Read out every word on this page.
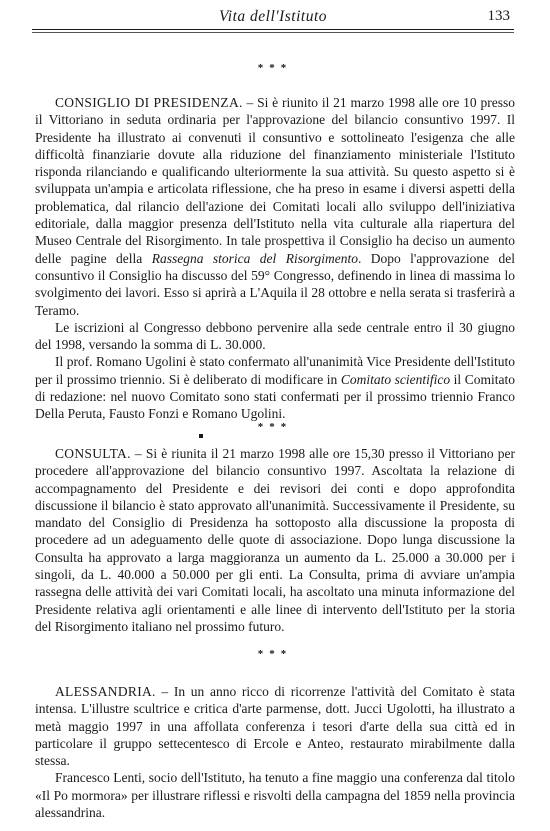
Vita dell'Istituto	133
***

CONSIGLIO DI PRESIDENZA. – Si è riunito il 21 marzo 1998 alle ore 10 presso il Vittoriano in seduta ordinaria per l'approvazione del bilancio consuntivo 1997. Il Presidente ha illustrato ai convenuti il consuntivo e sottolineato l'esigenza che alle difficoltà finanziarie dovute alla riduzione del finanziamento ministeriale l'Istituto risponda rilanciando e qualificando ulteriormente la sua attività. Su questo aspetto si è sviluppata un'ampia e articolata riflessione, che ha preso in esame i diversi aspetti della problematica, dal rilancio dell'azione dei Comitati locali allo sviluppo dell'iniziativa editoriale, dalla maggior presenza dell'Istituto nella vita culturale alla riapertura del Museo Centrale del Risorgimento. In tale prospettiva il Consiglio ha deciso un aumento delle pagine della Rassegna storica del Risorgimento. Dopo l'approvazione del consuntivo il Consiglio ha discusso del 59° Congresso, definendo in linea di massima lo svolgimento dei lavori. Esso si aprirà a L'Aquila il 28 ottobre e nella serata si trasferirà a Teramo.

Le iscrizioni al Congresso debbono pervenire alla sede centrale entro il 30 giugno del 1998, versando la somma di L. 30.000.

Il prof. Romano Ugolini è stato confermato all'unanimità Vice Presidente dell'Istituto per il prossimo triennio. Si è deliberato di modificare in Comitato scientifico il Comitato di redazione: nel nuovo Comitato sono stati confermati per il prossimo triennio Franco Della Peruta, Fausto Fonzi e Romano Ugolini.

***

CONSULTA. – Si è riunita il 21 marzo 1998 alle ore 15,30 presso il Vittoriano per procedere all'approvazione del bilancio consuntivo 1997. Ascoltata la relazione di accompagnamento del Presidente e dei revisori dei conti e dopo approfondita discussione il bilancio è stato approvato all'unanimità. Successivamente il Presidente, su mandato del Consiglio di Presidenza ha sottoposto alla discussione la proposta di procedere ad un adeguamento delle quote di associazione. Dopo lunga discussione la Consulta ha approvato a larga maggioranza un aumento da L. 25.000 a 30.000 per i singoli, da L. 40.000 a 50.000 per gli enti. La Consulta, prima di avviare un'ampia rassegna delle attività dei vari Comitati locali, ha ascoltato una minuta informazione del Presidente relativa agli orientamenti e alle linee di intervento dell'Istituto per la storia del Risorgimento italiano nel prossimo futuro.

***

ALESSANDRIA. – In un anno ricco di ricorrenze l'attività del Comitato è stata intensa. L'illustre scultrice e critica d'arte parmense, dott. Jucci Ugolotti, ha illustrato a metà maggio 1997 in una affollata conferenza i tesori d'arte della sua città ed in particolare il gruppo settecentesco di Ercole e Anteo, restaurato mirabilmente dalla stessa.

Francesco Lenti, socio dell'Istituto, ha tenuto a fine maggio una conferenza dal titolo «Il Po mormora» per illustrare riflessi e risvolti della campagna del 1859 nella provincia alessandrina.
